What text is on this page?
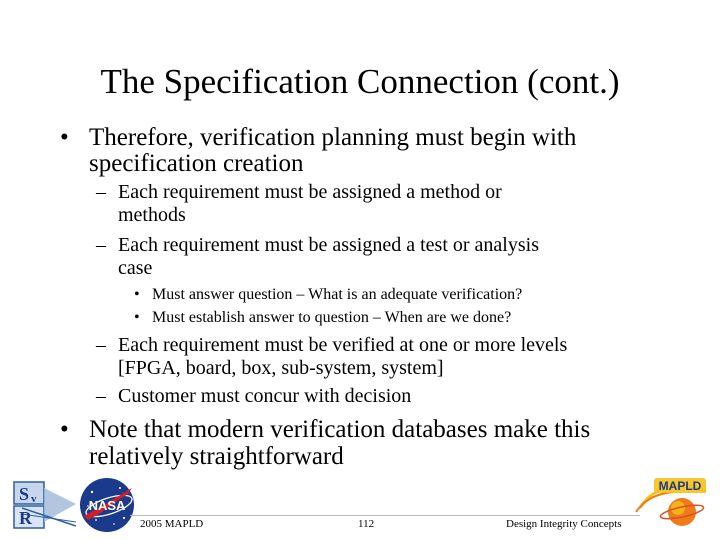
The Specification Connection (cont.)
• Therefore, verification planning must begin with
specification creation
– Each requirement must be assigned a method or
methods
– Each requirement must be assigned a test or analysis
case
• Must answer question – What is an adequate verification?
• Must establish answer to question – When are we done?
– Each requirement must be verified at one or more levels
[FPGA, board, box, sub-system, system]
– Customer must concur with decision
• Note that modern verification databases make this
relatively straightforward
S v
R
NASA
2005 MAPLD	112	Design Integrity Concepts
MAPLD
